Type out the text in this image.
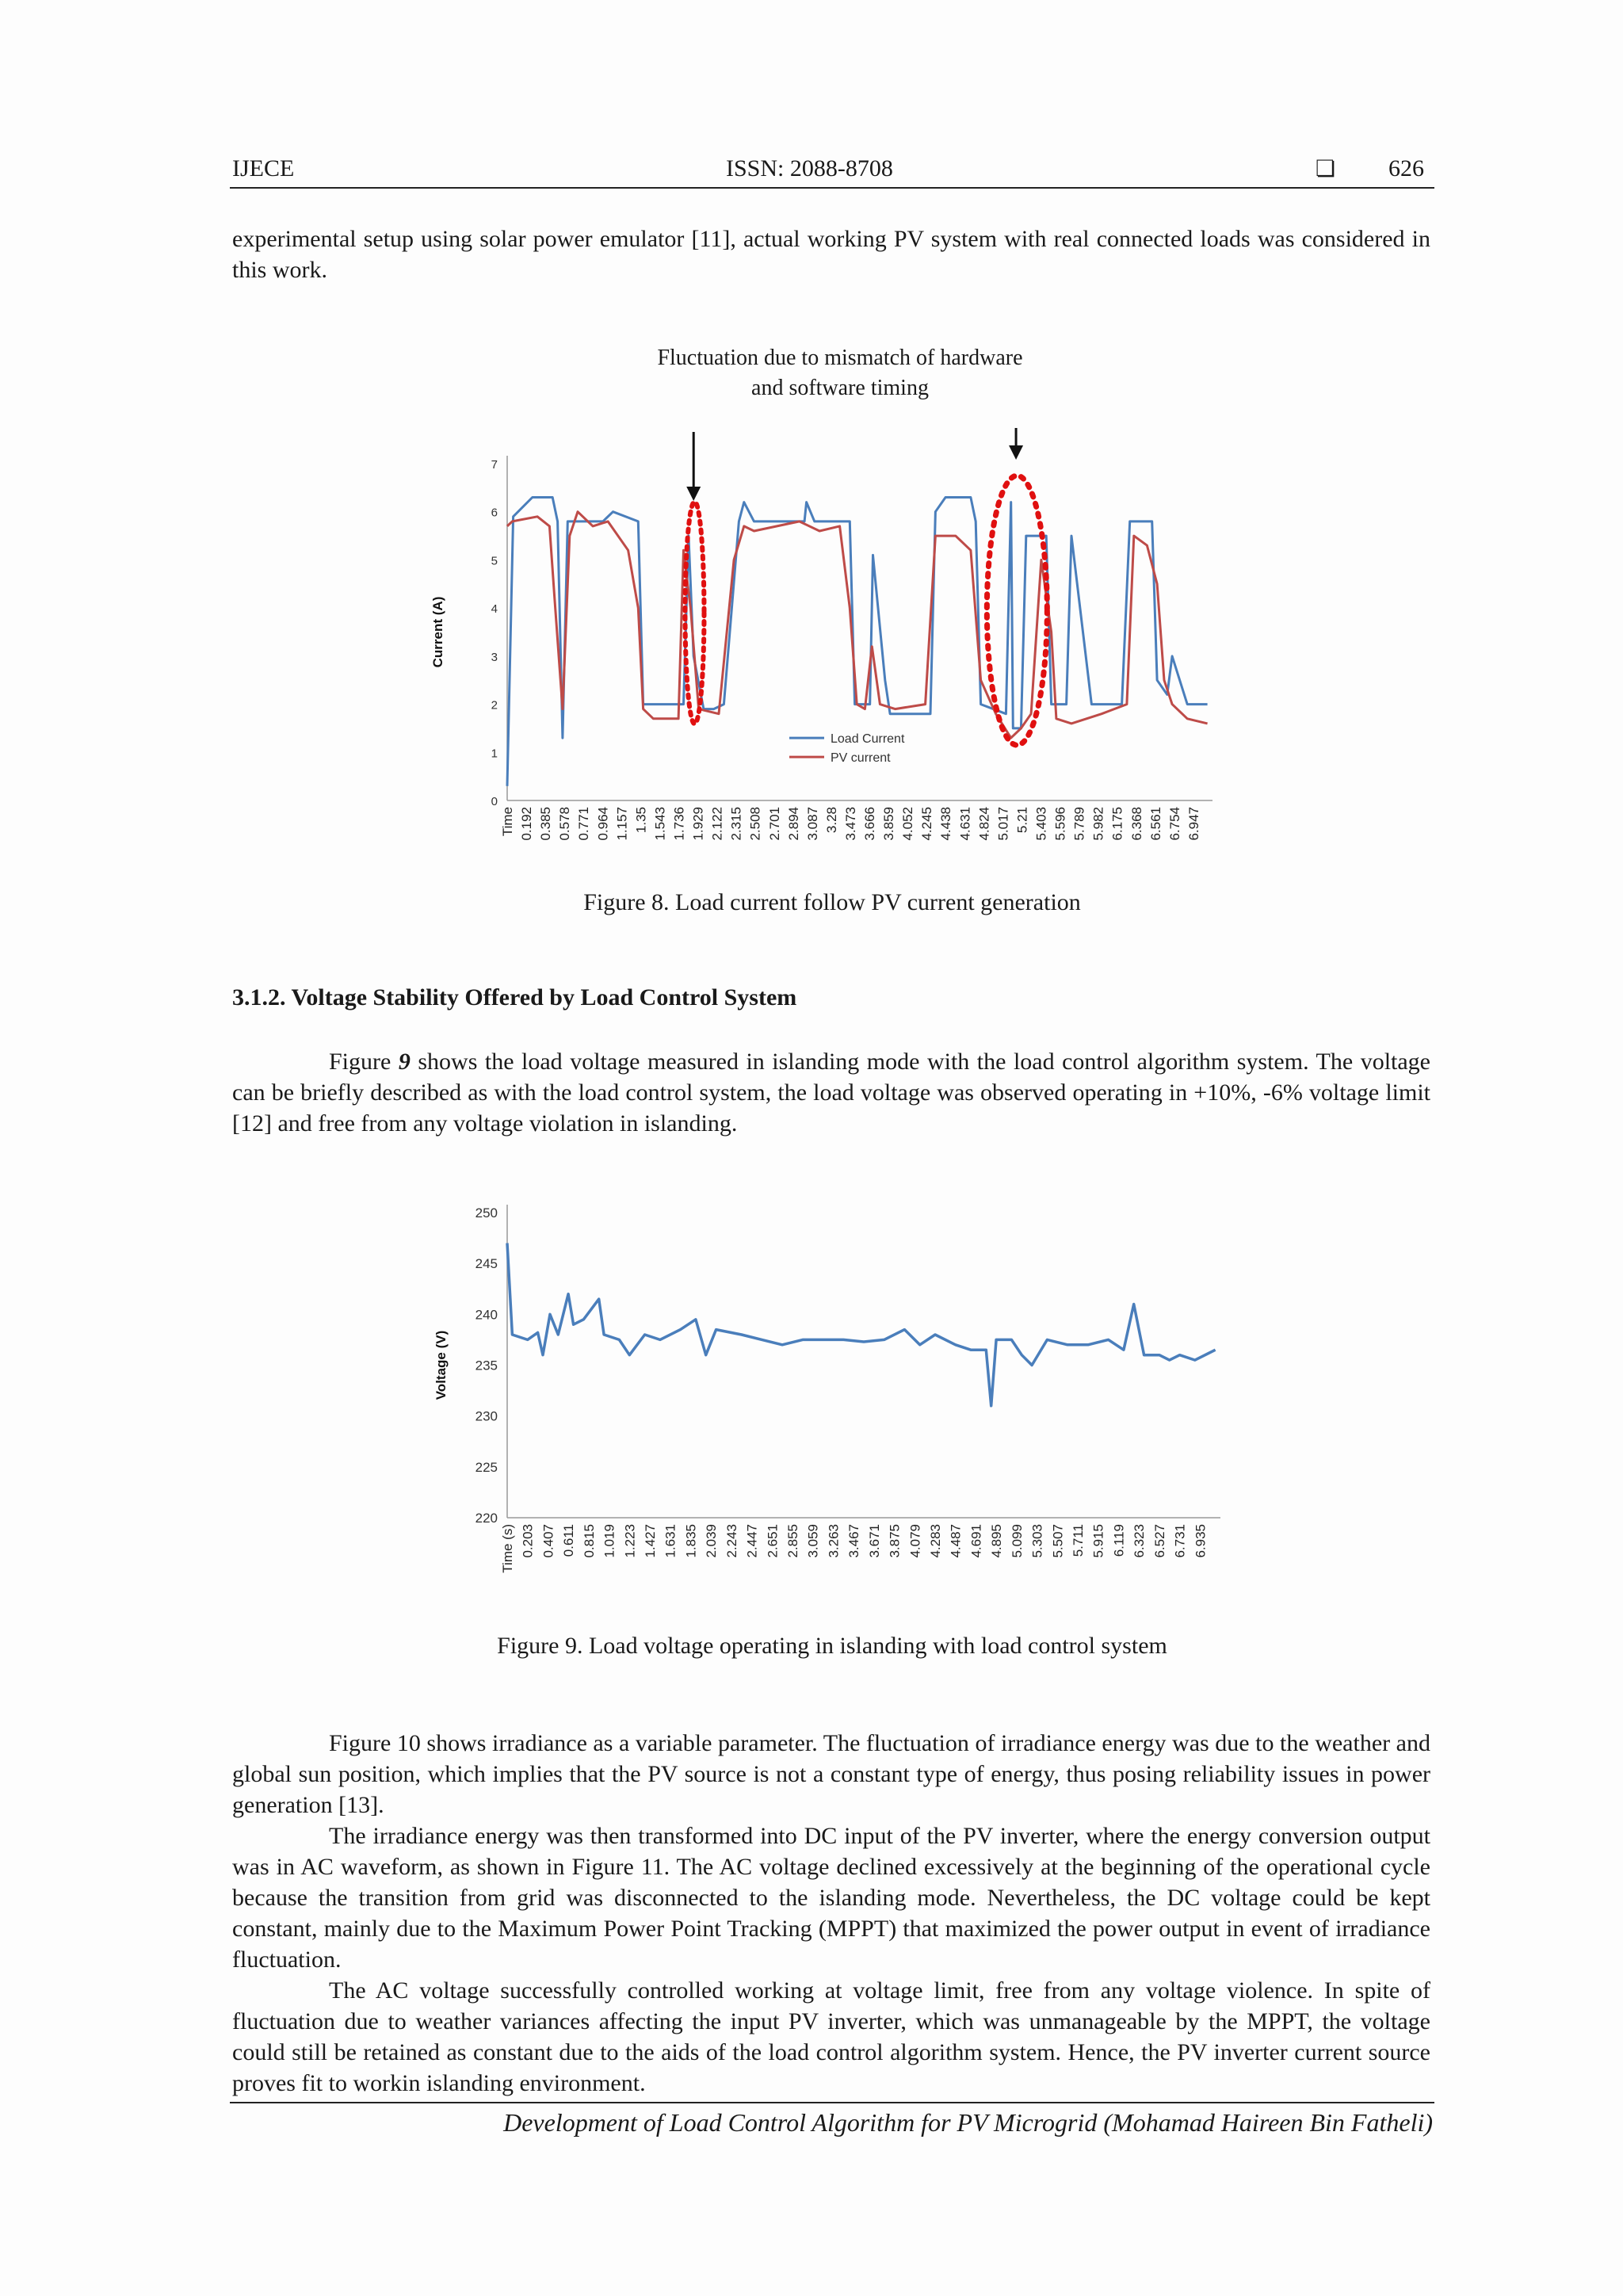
IJECE	ISSN: 2088-8708	❏ 626
experimental setup using solar power emulator [11], actual working PV system with real connected loads was considered in this work.
Fluctuation due to mismatch of hardware
and software timing
0
1
2
3
4
5
6
7
Current (A)
Time 0.192 0.385 0.578 0.771 0.964 1.157 1.35 1.543 1.736 1.929 2.122 2.315 2.508 2.701 2.894 3.087 3.28 3.473 3.666 3.859 4.052 4.245 4.438 4.631 4.824 5.017 5.21 5.403 5.596 5.789 5.982 6.175 6.368 6.561 6.754 6.947
Load Current
PV current
Figure 8. Load current follow PV current generation
3.1.2. Voltage Stability Offered by Load Control System
Figure 9 shows the load voltage measured in islanding mode with the load control algorithm system. The voltage can be briefly described as with the load control system, the load voltage was observed operating in +10%, -6% voltage limit [12] and free from any voltage violation in islanding.
220
225
230
235
240
245
250
Voltage (V)
Time (s) 0.203 0.407 0.611 0.815 1.019 1.223 1.427 1.631 1.835 2.039 2.243 2.447 2.651 2.855 3.059 3.263 3.467 3.671 3.875 4.079 4.283 4.487 4.691 4.895 5.099 5.303 5.507 5.711 5.915 6.119 6.323 6.527 6.731 6.935
Figure 9. Load voltage operating in islanding with load control system
Figure 10 shows irradiance as a variable parameter. The fluctuation of irradiance energy was due to the weather and global sun position, which implies that the PV source is not a constant type of energy, thus posing reliability issues in power generation [13].
The irradiance energy was then transformed into DC input of the PV inverter, where the energy conversion output was in AC waveform, as shown in Figure 11. The AC voltage declined excessively at the beginning of the operational cycle because the transition from grid was disconnected to the islanding mode. Nevertheless, the DC voltage could be kept constant, mainly due to the Maximum Power Point Tracking (MPPT) that maximized the power output in event of irradiance fluctuation.
The AC voltage successfully controlled working at voltage limit, free from any voltage violence. In spite of fluctuation due to weather variances affecting the input PV inverter, which was unmanageable by the MPPT, the voltage could still be retained as constant due to the aids of the load control algorithm system. Hence, the PV inverter current source proves fit to workin islanding environment.
Development of Load Control Algorithm for PV Microgrid (Mohamad Haireen Bin Fatheli)
